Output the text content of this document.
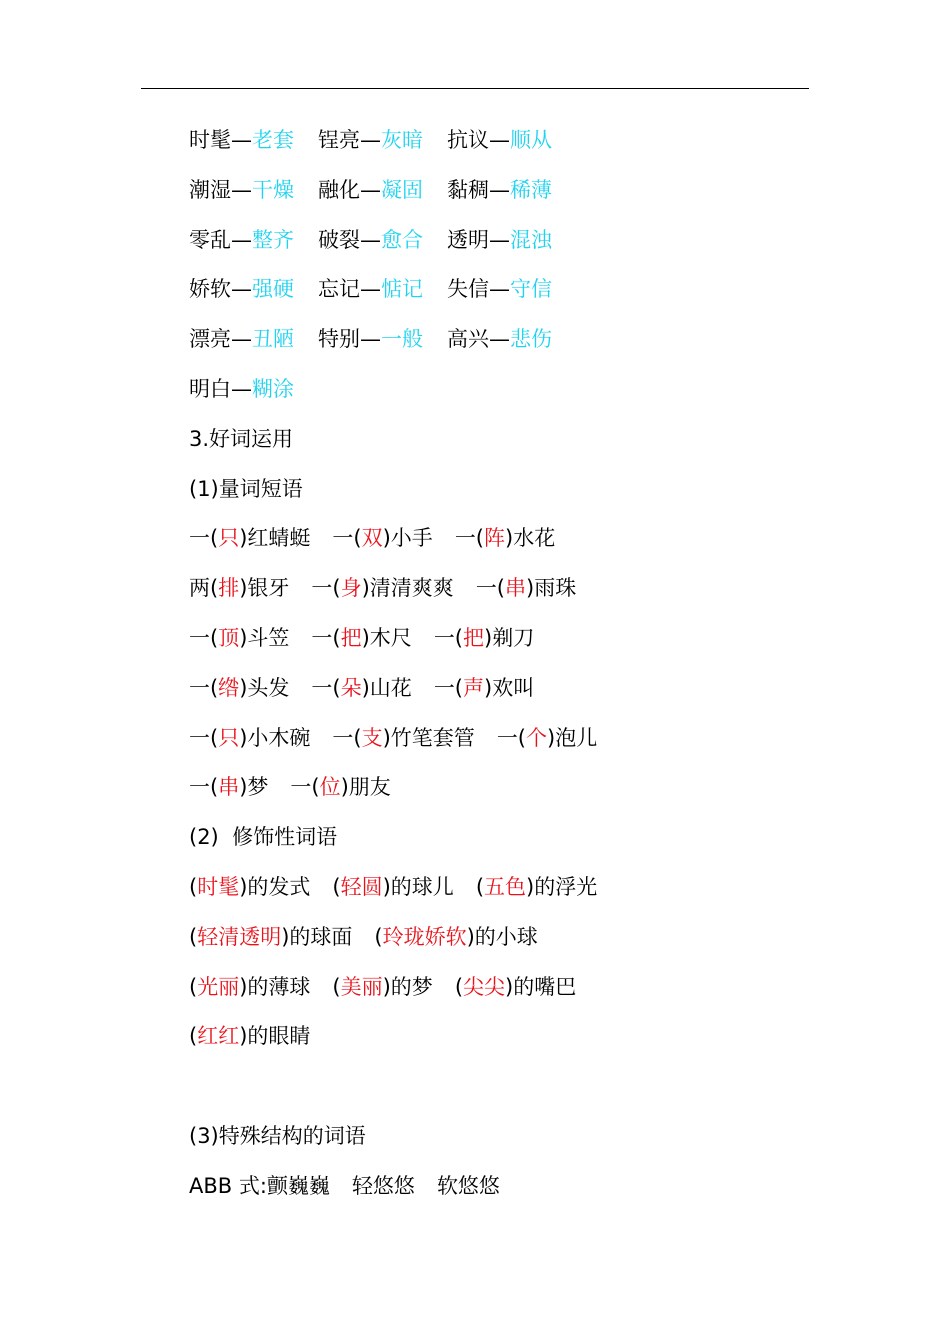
时髦—老套 锃亮—灰暗 抗议—顺从
潮湿—干燥 融化—凝固 黏稠—稀薄
零乱—整齐 破裂—愈合 透明—混浊
娇软—强硬 忘记—惦记 失信—守信
漂亮—丑陋 特别—一般 高兴—悲伤
明白—糊涂
3.好词运用
(1)量词短语
一(只)红蜻蜓 一(双)小手 一(阵)水花
两(排)银牙 一(身)清清爽爽 一(串)雨珠
一(顶)斗笠 一(把)木尺 一(把)剃刀
一(绺)头发 一(朵)山花 一(声)欢叫
一(只)小木碗 一(支)竹笔套管 一(个)泡儿
一(串)梦 一(位)朋友
(2)  修饰性词语
(时髦)的发式 (轻圆)的球儿 (五色)的浮光
(轻清透明)的球面 (玲珑娇软)的小球
(光丽)的薄球 (美丽)的梦 (尖尖)的嘴巴
(红红)的眼睛
(3)特殊结构的词语
ABB 式:颤巍巍 轻悠悠 软悠悠
